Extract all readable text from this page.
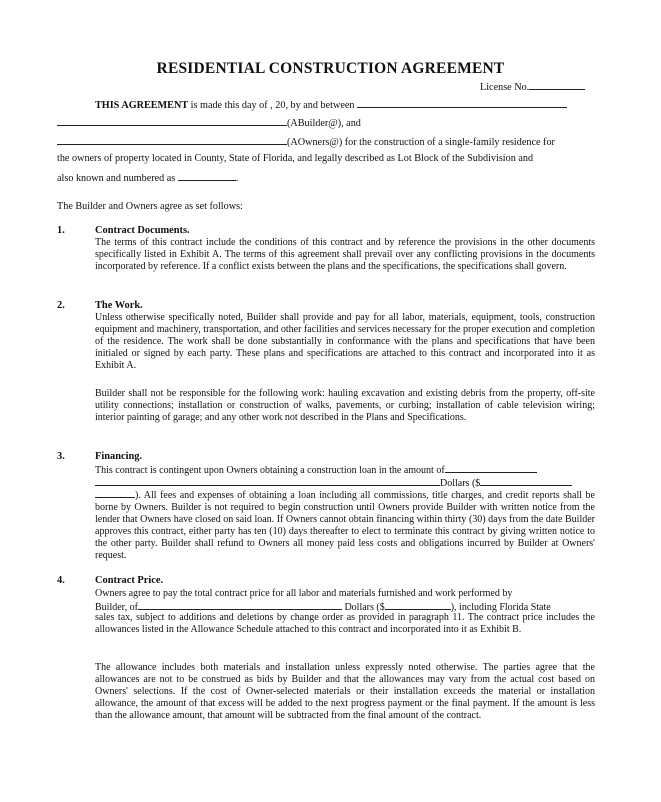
RESIDENTIAL CONSTRUCTION AGREEMENT
License No.
THIS AGREEMENT is made this day of , 20, by and between
(ABuilder@), and
(AOwners@) for the construction of a single-family residence for
the owners of property located in County, State of Florida, and legally described as Lot Block of the Subdivision and
also known and numbered as	.
The Builder and Owners agree as set follows:
1.	Contract Documents.
The terms of this contract include the conditions of this contract and by reference the provisions in the other documents specifically listed in Exhibit A. The terms of this agreement shall prevail over any conflicting provisions in the documents incorporated by reference. If a conflict exists between the plans and the specifications, the specifications shall govern.
2.	The Work.
Unless otherwise specifically noted, Builder shall provide and pay for all labor, materials, equipment, tools, construction equipment and machinery, transportation, and other facilities and services necessary for the proper execution and completion of the residence. The work shall be done substantially in conformance with the plans and specifications that have been initialed or signed by each party. These plans and specifications are attached to this contract and incorporated into it as Exhibit A.
Builder shall not be responsible for the following work: hauling excavation and existing debris from the property, off-site utility connections; installation or construction of walks, pavements, or curbing; installation of cable television wiring; interior painting of garage; and any other work not described in the Plans and Specifications.
3.	Financing.
This contract is contingent upon Owners obtaining a construction loan in the amount of
Dollars ($
). All fees and expenses of obtaining a loan including all commissions, title charges, and credit reports shall be borne by Owners. Builder is not required to begin construction until Owners provide Builder with written notice from the lender that Owners have closed on said loan. If Owners cannot obtain financing within thirty (30) days from the date Builder approves this contract, either party has ten (10) days thereafter to elect to terminate this contract by giving written notice to the other party. Builder shall refund to Owners all money paid less costs and obligations incurred by Builder at Owners' request.
4.	Contract Price.
Owners agree to pay the total contract price for all labor and materials furnished and work performed by
Builder, of	Dollars ($	), including Florida State
sales tax, subject to additions and deletions by change order as provided in paragraph 11. The contract price includes the allowances listed in the Allowance Schedule attached to this contract and incorporated into it as Exhibit B.
The allowance includes both materials and installation unless expressly noted otherwise. The parties agree that the allowances are not to be construed as bids by Builder and that the allowances may vary from the actual cost based on Owners' selections. If the cost of Owner-selected materials or their installation exceeds the material or installation allowance, the amount of that excess will be added to the next progress payment or the final payment. If the amount is less than the allowance amount, that amount will be subtracted from the final amount of the contract.
